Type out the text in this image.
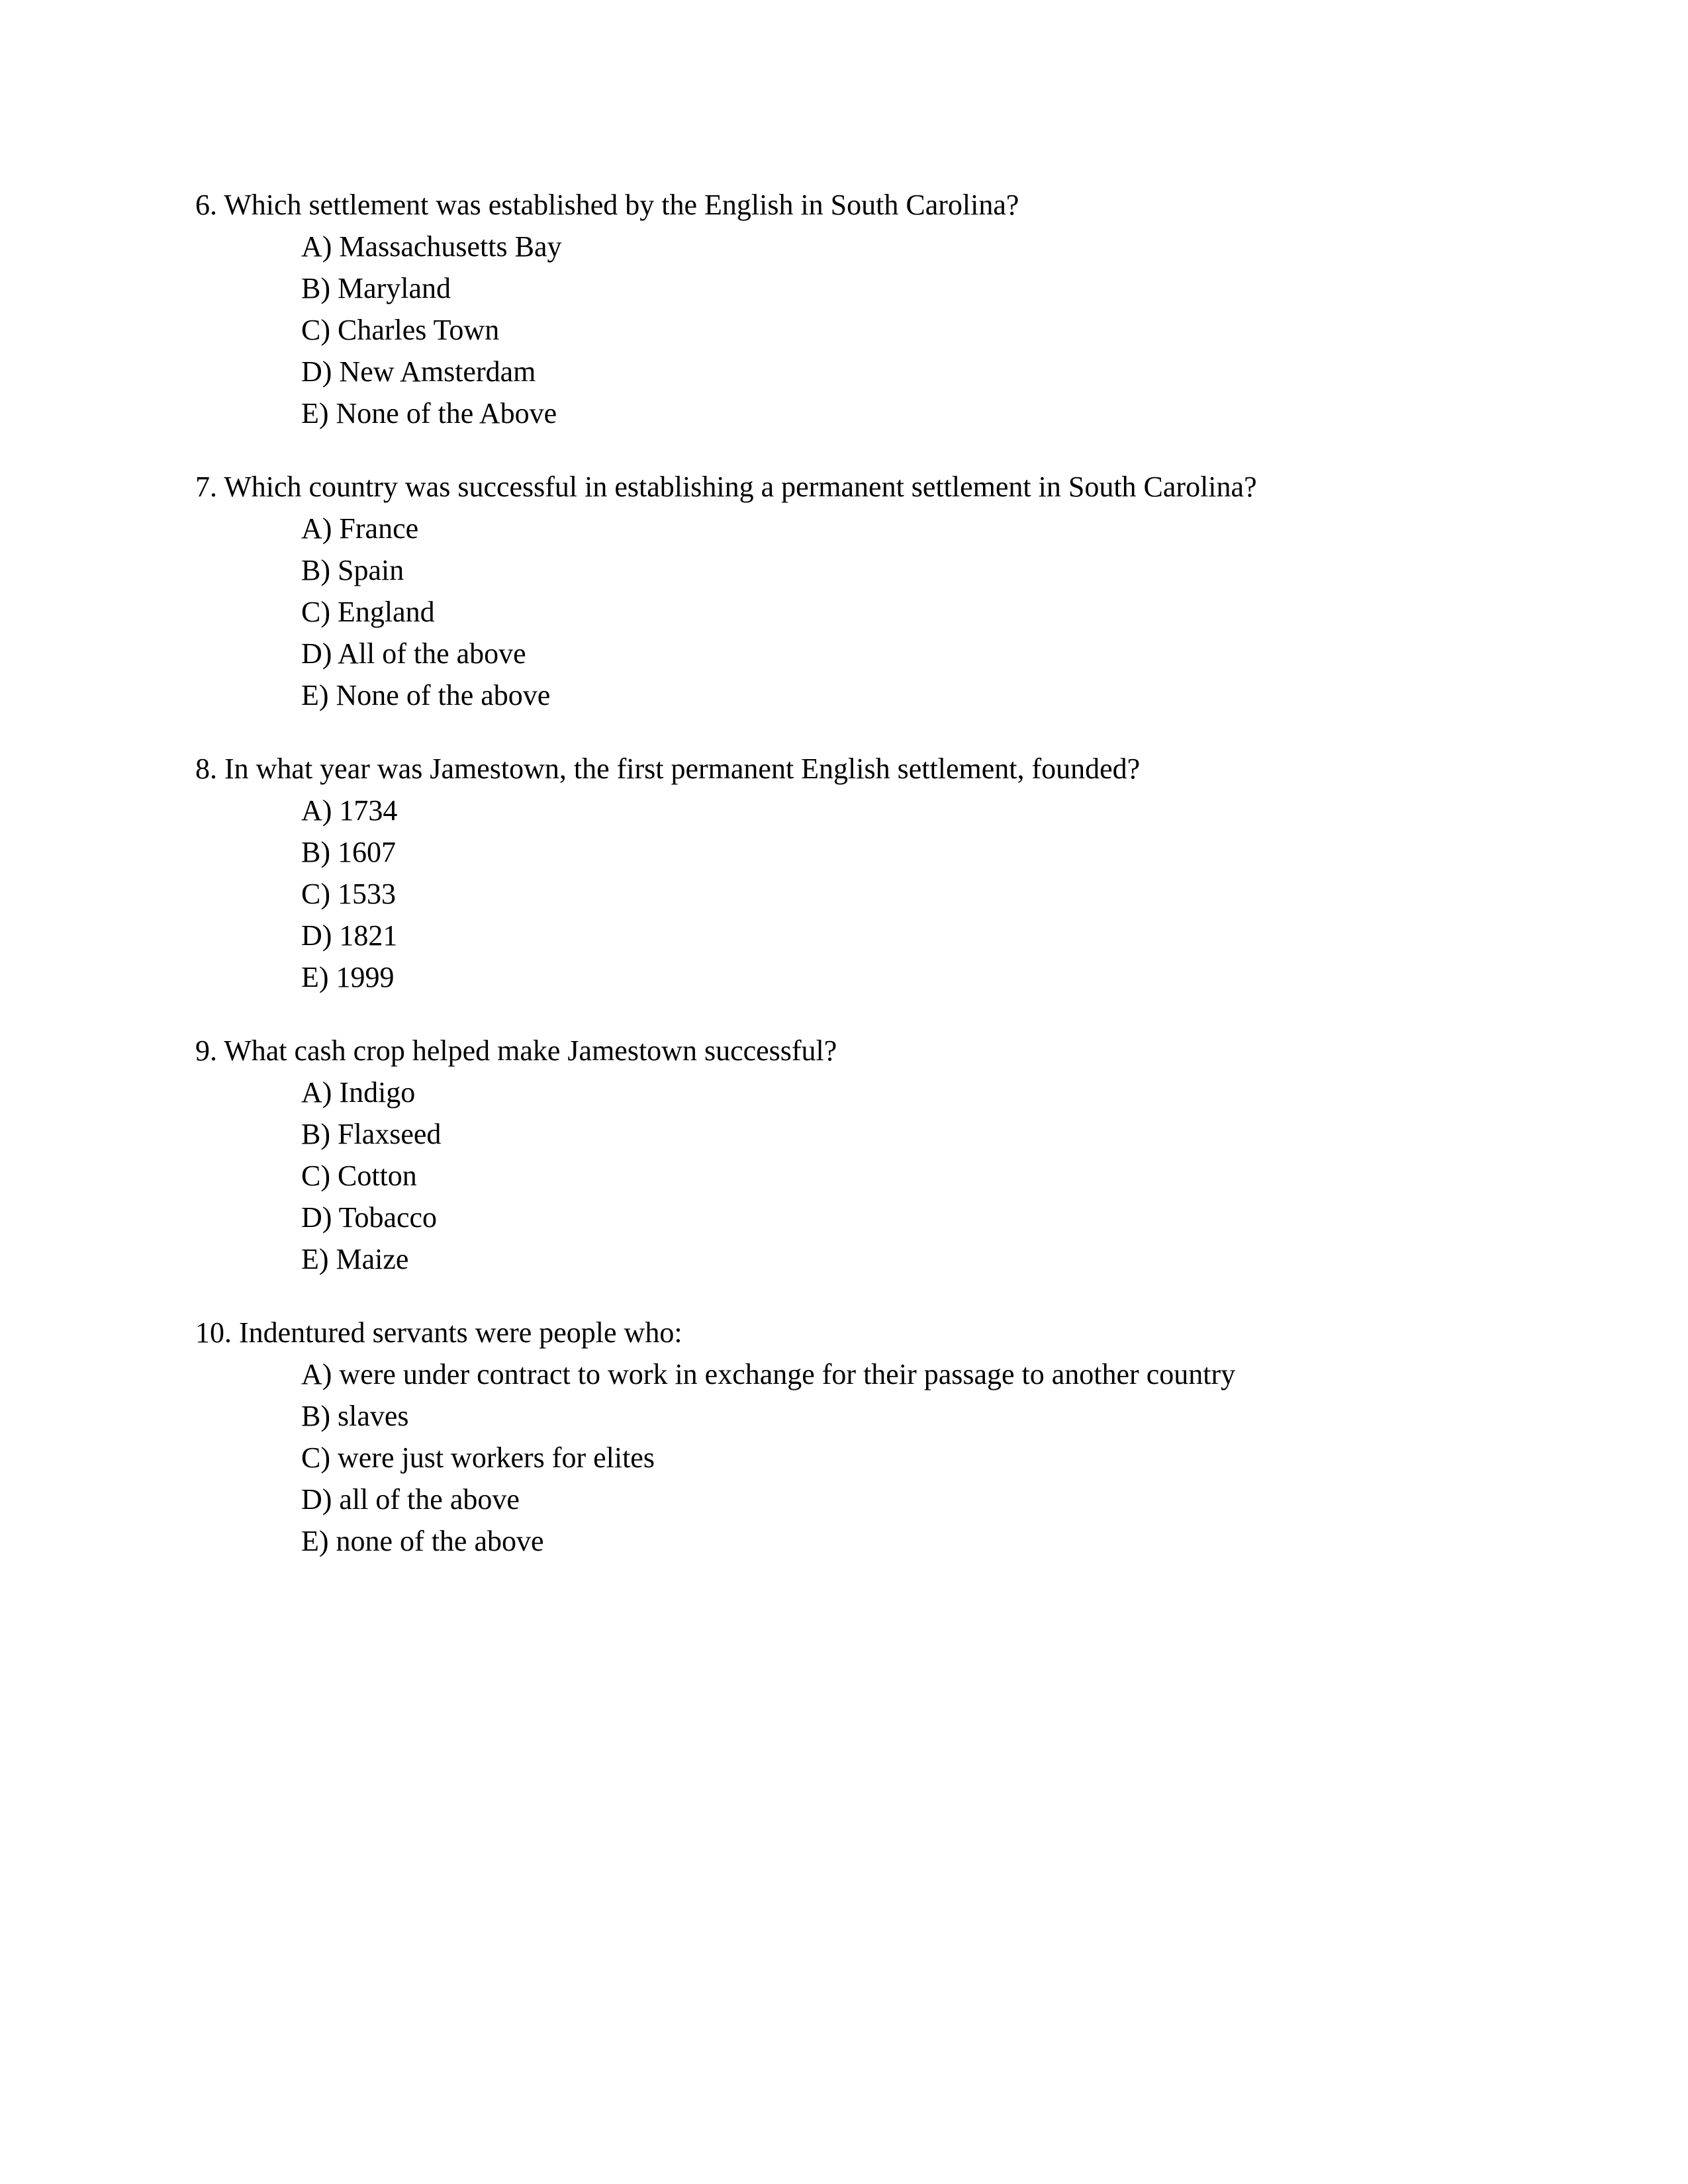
6. Which settlement was established by the English in South Carolina?

A) Massachusetts Bay
B) Maryland
C) Charles Town
D) New Amsterdam
E) None of the Above

7. Which country was successful in establishing a permanent settlement in South Carolina?

A) France
B) Spain
C) England
D) All of the above
E) None of the above

8. In what year was Jamestown, the first permanent English settlement, founded?

A) 1734
B) 1607
C) 1533
D) 1821
E) 1999

9. What cash crop helped make Jamestown successful?

A) Indigo
B) Flaxseed
C) Cotton
D) Tobacco
E) Maize

10. Indentured servants were people who:

A) were under contract to work in exchange for their passage to another country
B) slaves
C) were just workers for elites
D) all of the above
E) none of the above
